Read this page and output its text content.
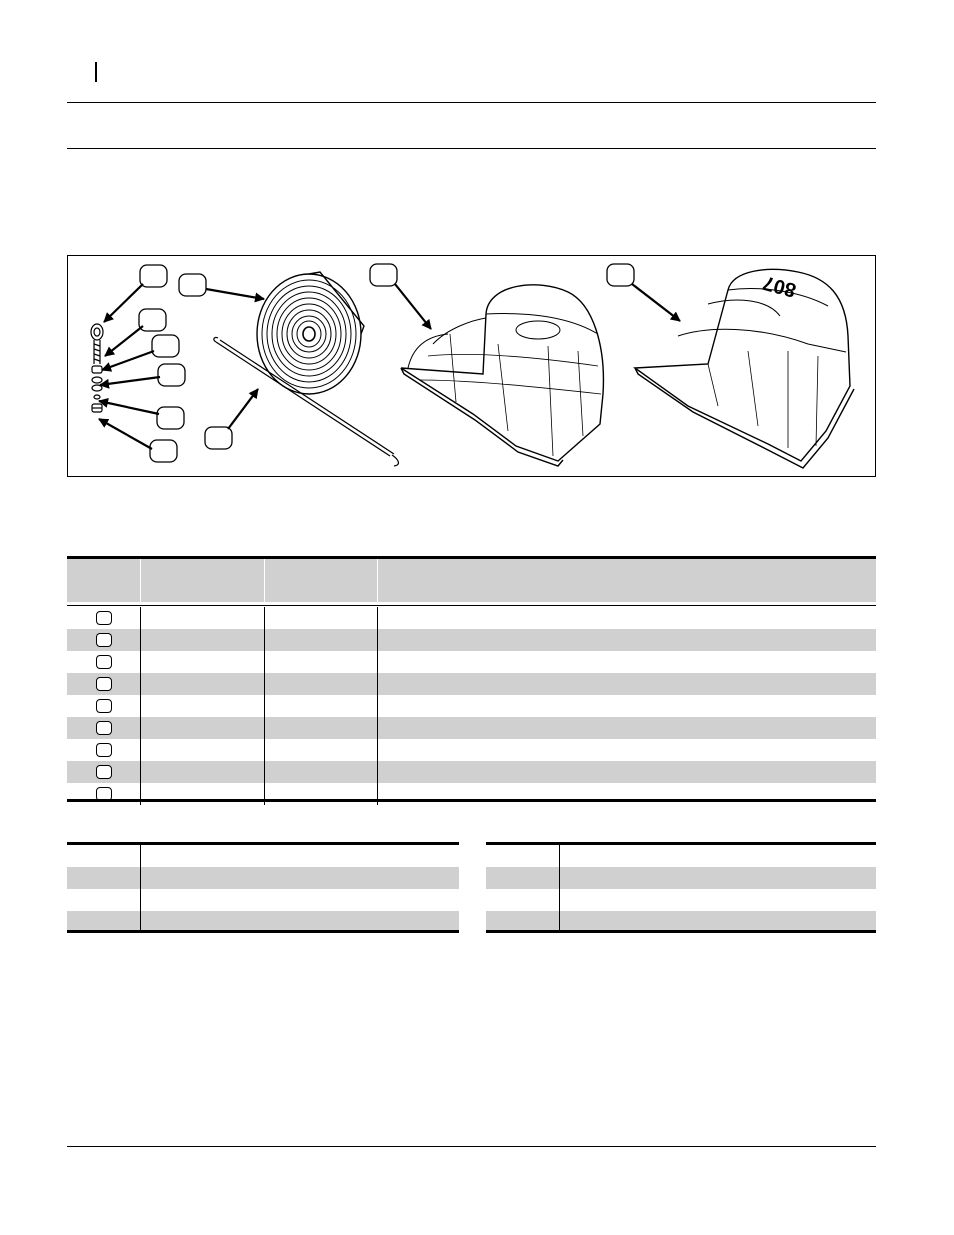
807
